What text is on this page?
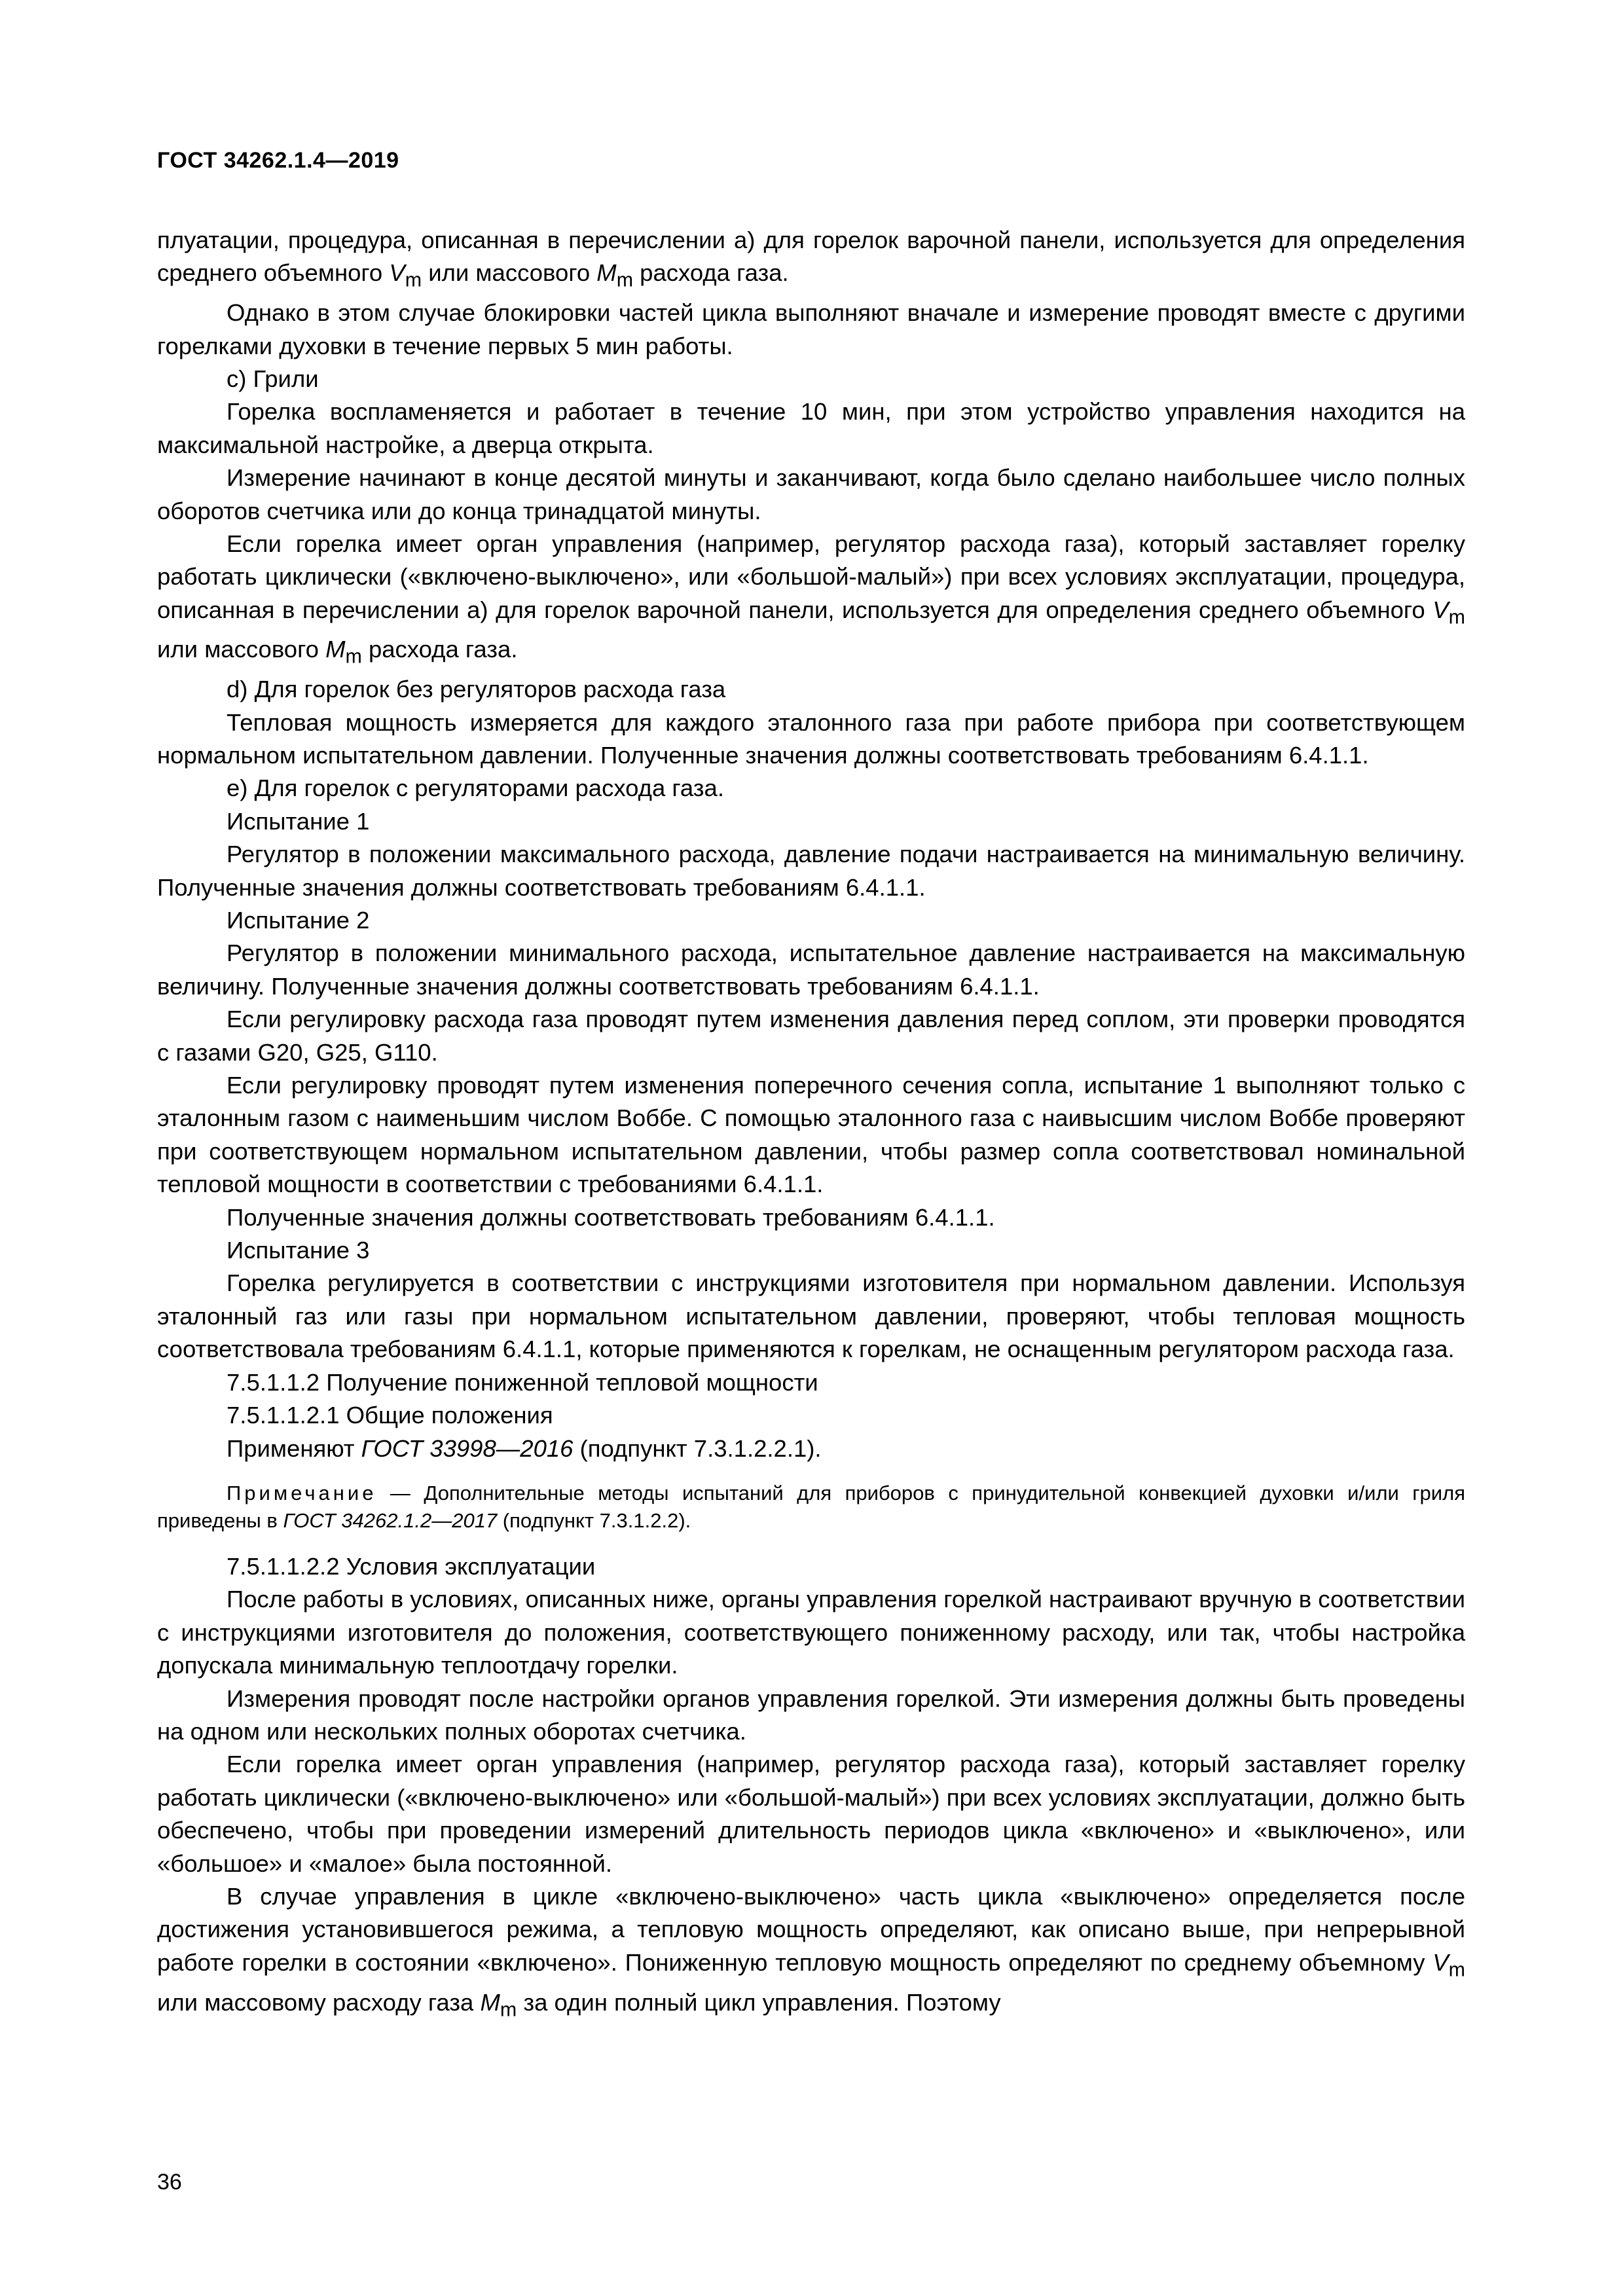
ГОСТ 34262.1.4—2019

плуатации, процедура, описанная в перечислении a) для горелок варочной панели, используется для определения среднего объемного $V_m$ или массового $M_m$ расхода газа.

Однако в этом случае блокировки частей цикла выполняют вначале и измерение проводят вместе с другими горелками духовки в течение первых 5 мин работы.

c) Грили

Горелка воспламеняется и работает в течение 10 мин, при этом устройство управления находится на максимальной настройке, а дверца открыта.

Измерение начинают в конце десятой минуты и заканчивают, когда было сделано наибольшее число полных оборотов счетчика или до конца тринадцатой минуты.

Если горелка имеет орган управления (например, регулятор расхода газа), который заставляет горелку работать циклически («включено-выключено», или «большой-малый») при всех условиях эксплуатации, процедура, описанная в перечислении a) для горелок варочной панели, используется для определения среднего объемного $V_m$ или массового $M_m$ расхода газа.

d) Для горелок без регуляторов расхода газа

Тепловая мощность измеряется для каждого эталонного газа при работе прибора при соответствующем нормальном испытательном давлении. Полученные значения должны соответствовать требованиям 6.4.1.1.

e) Для горелок с регуляторами расхода газа.

Испытание 1

Регулятор в положении максимального расхода, давление подачи настраивается на минимальную величину. Полученные значения должны соответствовать требованиям 6.4.1.1.

Испытание 2

Регулятор в положении минимального расхода, испытательное давление настраивается на максимальную величину. Полученные значения должны соответствовать требованиям 6.4.1.1.

Если регулировку расхода газа проводят путем изменения давления перед соплом, эти проверки проводятся с газами G20, G25, G110.

Если регулировку проводят путем изменения поперечного сечения сопла, испытание 1 выполняют только с эталонным газом с наименьшим числом Воббе. С помощью эталонного газа с наивысшим числом Воббе проверяют при соответствующем нормальном испытательном давлении, чтобы размер сопла соответствовал номинальной тепловой мощности в соответствии с требованиями 6.4.1.1.

Полученные значения должны соответствовать требованиям 6.4.1.1.

Испытание 3

Горелка регулируется в соответствии с инструкциями изготовителя при нормальном давлении. Используя эталонный газ или газы при нормальном испытательном давлении, проверяют, чтобы тепловая мощность соответствовала требованиям 6.4.1.1, которые применяются к горелкам, не оснащенным регулятором расхода газа.

7.5.1.1.2 Получение пониженной тепловой мощности

7.5.1.1.2.1 Общие положения

Применяют ГОСТ 33998—2016 (подпункт 7.3.1.2.2.1).

Примечание — Дополнительные методы испытаний для приборов с принудительной конвекцией духовки и/или гриля приведены в ГОСТ 34262.1.2—2017 (подпункт 7.3.1.2.2).

7.5.1.1.2.2 Условия эксплуатации

После работы в условиях, описанных ниже, органы управления горелкой настраивают вручную в соответствии с инструкциями изготовителя до положения, соответствующего пониженному расходу, или так, чтобы настройка допускала минимальную теплоотдачу горелки.

Измерения проводят после настройки органов управления горелкой. Эти измерения должны быть проведены на одном или нескольких полных оборотах счетчика.

Если горелка имеет орган управления (например, регулятор расхода газа), который заставляет горелку работать циклически («включено-выключено» или «большой-малый») при всех условиях эксплуатации, должно быть обеспечено, чтобы при проведении измерений длительность периодов цикла «включено» и «выключено», или «большое» и «малое» была постоянной.

В случае управления в цикле «включено-выключено» часть цикла «выключено» определяется после достижения установившегося режима, а тепловую мощность определяют, как описано выше, при непрерывной работе горелки в состоянии «включено». Пониженную тепловую мощность определяют по среднему объемному $V_m$ или массовому расходу газа $M_m$ за один полный цикл управления. Поэтому

36
